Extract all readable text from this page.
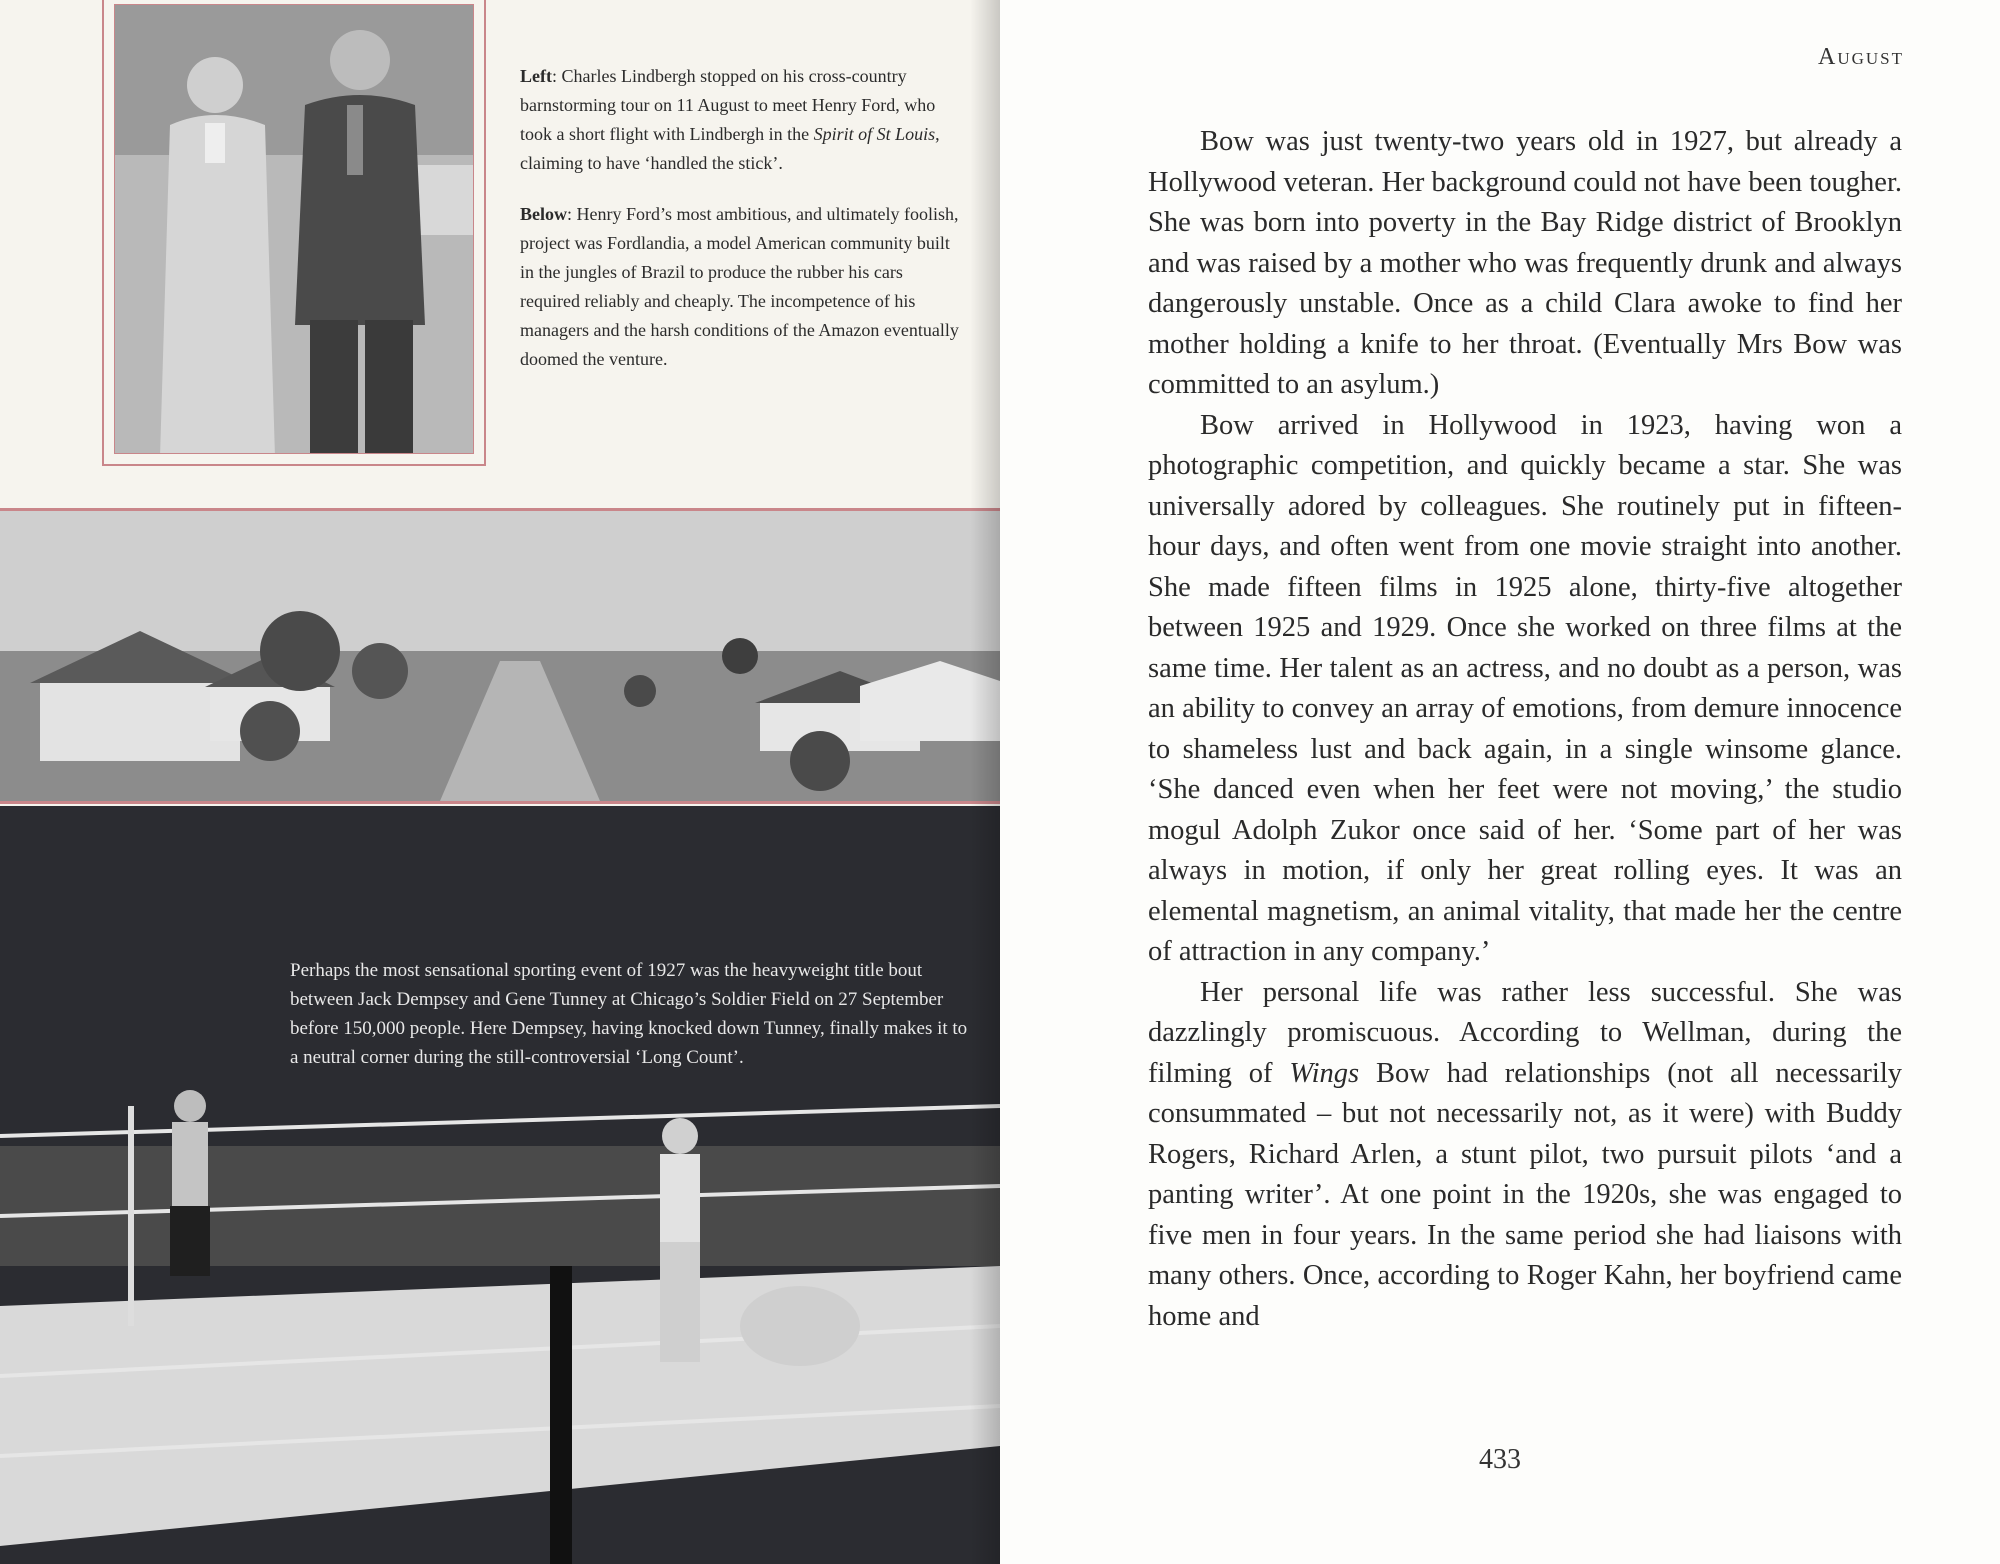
Left: Charles Lindbergh stopped on his cross-country barnstorming tour on 11 August to meet Henry Ford, who took a short flight with Lindbergh in the Spirit of St Louis, claiming to have ‘handled the stick’.

Below: Henry Ford’s most ambitious, and ultimately foolish, project was Fordlandia, a model American community built in the jungles of Brazil to produce the rubber his cars required reliably and cheaply. The incompetence of his managers and the harsh conditions of the Amazon eventually doomed the venture.

Perhaps the most sensational sporting event of 1927 was the heavyweight title bout between Jack Dempsey and Gene Tunney at Chicago’s Soldier Field on 27 September before 150,000 people. Here Dempsey, having knocked down Tunney, finally makes it to a neutral corner during the still-controversial ‘Long Count’.
August

Bow was just twenty-two years old in 1927, but already a Hollywood veteran. Her background could not have been tougher. She was born into poverty in the Bay Ridge district of Brooklyn and was raised by a mother who was frequently drunk and always dangerously unstable. Once as a child Clara awoke to find her mother holding a knife to her throat. (Eventually Mrs Bow was committed to an asylum.)

Bow arrived in Hollywood in 1923, having won a photographic competition, and quickly became a star. She was universally adored by colleagues. She routinely put in fifteen-hour days, and often went from one movie straight into another. She made fifteen films in 1925 alone, thirty-five altogether between 1925 and 1929. Once she worked on three films at the same time. Her talent as an actress, and no doubt as a person, was an ability to convey an array of emotions, from demure innocence to shameless lust and back again, in a single winsome glance. ‘She danced even when her feet were not moving,’ the studio mogul Adolph Zukor once said of her. ‘Some part of her was always in motion, if only her great rolling eyes. It was an elemental magnetism, an animal vitality, that made her the centre of attraction in any company.’

Her personal life was rather less successful. She was dazzlingly promiscuous. According to Wellman, during the filming of Wings Bow had relationships (not all necessarily consummated – but not necessarily not, as it were) with Buddy Rogers, Richard Arlen, a stunt pilot, two pursuit pilots ‘and a panting writer’. At one point in the 1920s, she was engaged to five men in four years. In the same period she had liaisons with many others. Once, according to Roger Kahn, her boyfriend came home and

433
